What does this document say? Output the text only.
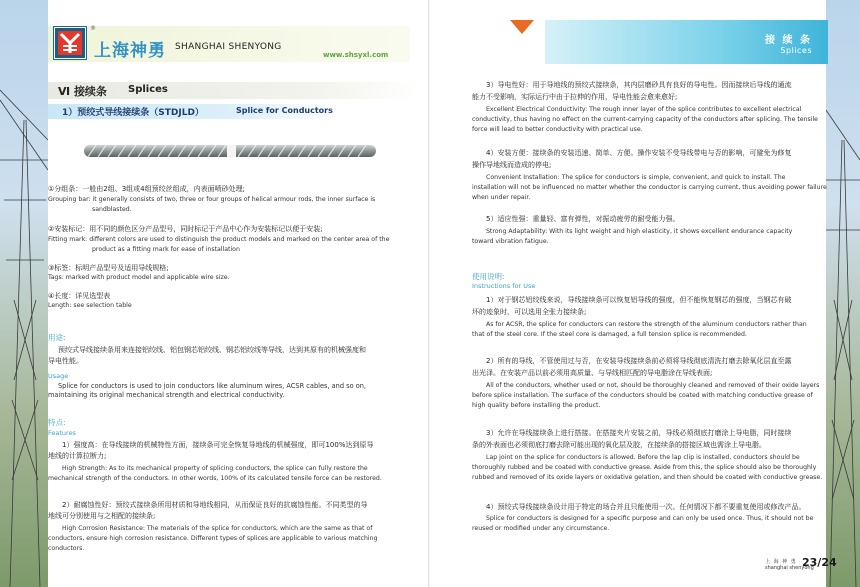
®
上海神勇 SHANGHAI SHENYONG
www.shsyxl.com
接 续 条
Splices
Ⅵ 接续条 Splices
1）预绞式导线接续条（STDJLD）	Splice for Conductors
①分组条：一般由2组、3组或4组预绞丝组成，内表面喷砂处理;
Grouping bar: it generally consists of two, three or four groups of helical armour rods, the inner surface is
sandblasted.
②安装标记：用不同的颜色区分产品型号，同时标记于产品中心作为安装标记以便于安装;
Fitting mark: different colors are used to distinguish the product models and marked on the center area of the
product as a fitting mark for ease of installation
③标签：标明产品型号及适用导线规格;
Tags: marked with product model and applicable wire size.
④长度：详见选型表
Length: see selection table
用途:
预绞式导线接续条用来连接铝绞线、铝包钢芯铝绞线、钢芯铝绞线等导线，达到其原有的机械强度和
导电性能。
Usage
Splice for conductors is used to join conductors like aluminum wires, ACSR cables, and so on,
maintaining its original mechanical strength and electrical conductivity.
特点:
Features
1）强度高：在导线接续的机械特性方面，接续条可完全恢复导地线的机械强度，即可100%达到原导
地线的计算拉断力;
High Strength: As to its mechanical property of splicing conductors, the splice can fully restore the
mechanical strength of the conductors. In other words, 100% of its calculated tensile force can be restored.
2）耐腐蚀性好：预绞式接续条所用材质和导地线相同，从而保证良好的抗腐蚀性能。不同类型的导
地线可分别使用与之相配的接续条;
High Corrosion Resistance: The materials of the splice for conductors, which are the same as that of
conductors, ensure high corrosion resistance. Different types of splices are applicable to various matching
conductors.
3）导电性好：用于导地线的预绞式接续条，其内层磨砂具有良好的导电性。因而接续后导线的通流
能力不受影响，实际运行中由于拉伸的作用，导电性能会愈来愈好;
Excellent Electrical Conductivity: The rough inner layer of the splice contributes to excellent electrical
conductivity, thus having no effect on the current-carrying capacity of the conductors after splicing. The tensile
force will lead to better conductivity with practical use.
4）安装方便：接续条的安装迅速、简单、方便。操作安装不受导线带电与否的影响，可避免为修复
操作导地线而造成的停电;
Convenient Installation: The splice for conductors is simple, convenient, and quick to install. The
installation will not be influenced no matter whether the conductor is carrying current, thus avoiding power failure
when under repair.
5）适应性强：重量轻、富有弹性，对振动疲劳的耐受能力强。
Strong Adaptability: With its light weight and high elasticity, it shows excellent endurance capacity
toward vibration fatigue.
使用说明:
Instructions for Use
1）对于钢芯铝绞线来说，导线接续条可以恢复铝导线的强度，但不能恢复钢芯的强度，当钢芯有破
坏的迹象时，可以选用全张力接续条;
As for ACSR, the splice for conductors can restore the strength of the aluminum conductors rather than
that of the steel core. If the steel core is damaged, a full tension splice is recommended.
2）所有的导线，不管使用过与否，在安装导线接续条前必须将导线彻底清洗打磨去除氧化层直至露
出光泽。在安装产品以前必须用高质量、与导线相匹配的导电脂涂在导线表面;
All of the conductors, whether used or not, should be thoroughly cleaned and removed of their oxide layers
before splice installation. The surface of the conductors should be coated with matching conductive grease of
high quality before installing the product.
3）允许在导线接续条上进行搭接。在搭接夹片安装之前，导线必须彻底打磨涂上导电脂，同时接续
条的外表面也必须彻底打磨去除可能出现的氧化层及胶，在接续条的搭接区域也需涂上导电脂。
Lap joint on the splice for conductors is allowed. Before the lap clip is installed, conductors should be
thoroughly rubbed and be coated with conductive grease. Aside from this, the splice should also be thoroughly
rubbed and removed of its oxide layers or oxidative gelation, and then should be coated with conductive grease.
4）预绞式导线接续条设计用于特定的场合并且只能使用一次。任何情况下都不要重复使用或修改产品。
Splice for conductors is designed for a specific purpose and can only be used once. Thus, it should not be
reused or modified under any circumstance.
上 海 神 勇
shanghai shenyong
23/24
